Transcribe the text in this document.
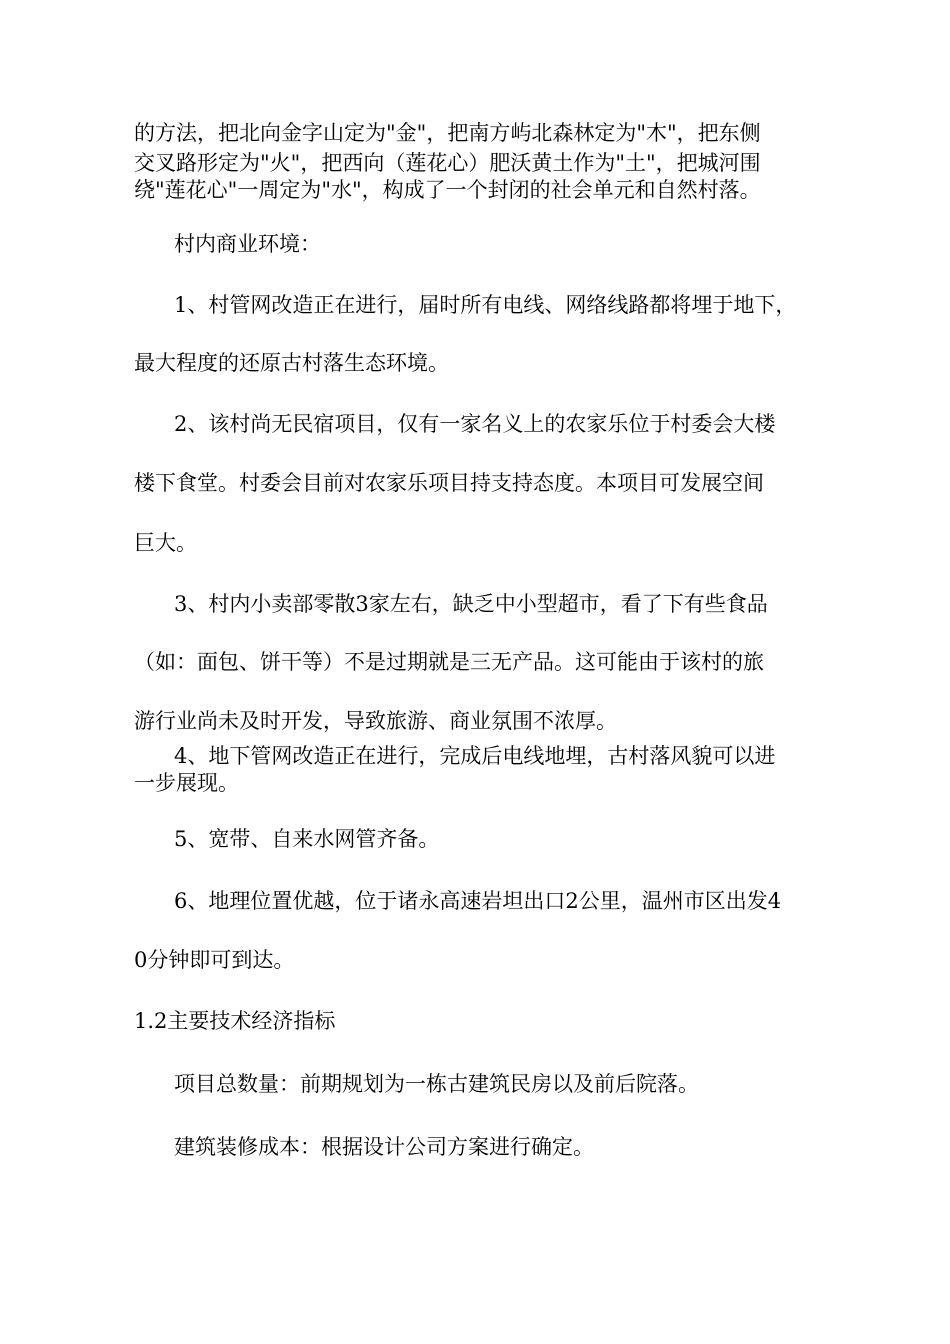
的方法，把北向金字山定为"金"，把南方屿北森林定为"木"，把东侧
交叉路形定为"火"，把西向（莲花心）肥沃黄土作为"土"，把城河围
绕"莲花心"一周定为"水"，构成了一个封闭的社会单元和自然村落。
村内商业环境：
1、村管网改造正在进行，届时所有电线、网络线路都将埋于地下，
最大程度的还原古村落生态环境。
2、该村尚无民宿项目，仅有一家名义上的农家乐位于村委会大楼
楼下食堂。村委会目前对农家乐项目持支持态度。本项目可发展空间
巨大。
3、村内小卖部零散3家左右，缺乏中小型超市，看了下有些食品
（如：面包、饼干等）不是过期就是三无产品。这可能由于该村的旅
游行业尚未及时开发，导致旅游、商业氛围不浓厚。
4、地下管网改造正在进行，完成后电线地埋，古村落风貌可以进
一步展现。
5、宽带、自来水网管齐备。
6、地理位置优越，位于诸永高速岩坦出口2公里，温州市区出发4
0分钟即可到达。
1.2主要技术经济指标
项目总数量：前期规划为一栋古建筑民房以及前后院落。
建筑装修成本：根据设计公司方案进行确定。
